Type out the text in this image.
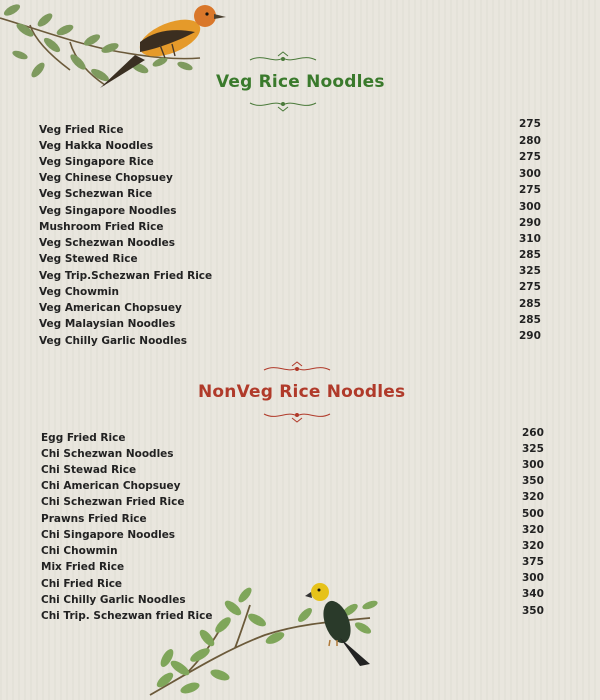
Veg Rice Noodles
Veg Fried Rice
Veg Hakka Noodles
Veg Singapore Rice
Veg Chinese Chopsuey
Veg Schezwan Rice
Veg Singapore Noodles
Mushroom Fried Rice
Veg Schezwan Noodles
Veg Stewed Rice
Veg Trip.Schezwan Fried Rice
Veg Chowmin
Veg American Chopsuey
Veg Malaysian Noodles
Veg Chilly Garlic Noodles
275
280
275
300
275
300
290
310
285
325
275
285
285
290
NonVeg Rice Noodles
Egg Fried Rice
Chi Schezwan Noodles
Chi Stewad Rice
Chi American Chopsuey
Chi Schezwan Fried Rice
Prawns Fried Rice
Chi Singapore Noodles
Chi Chowmin
Mix Fried Rice
Chi Fried Rice
Chi Chilly Garlic Noodles
Chi Trip. Schezwan fried Rice
260
325
300
350
320
500
320
320
375
300
340
350
